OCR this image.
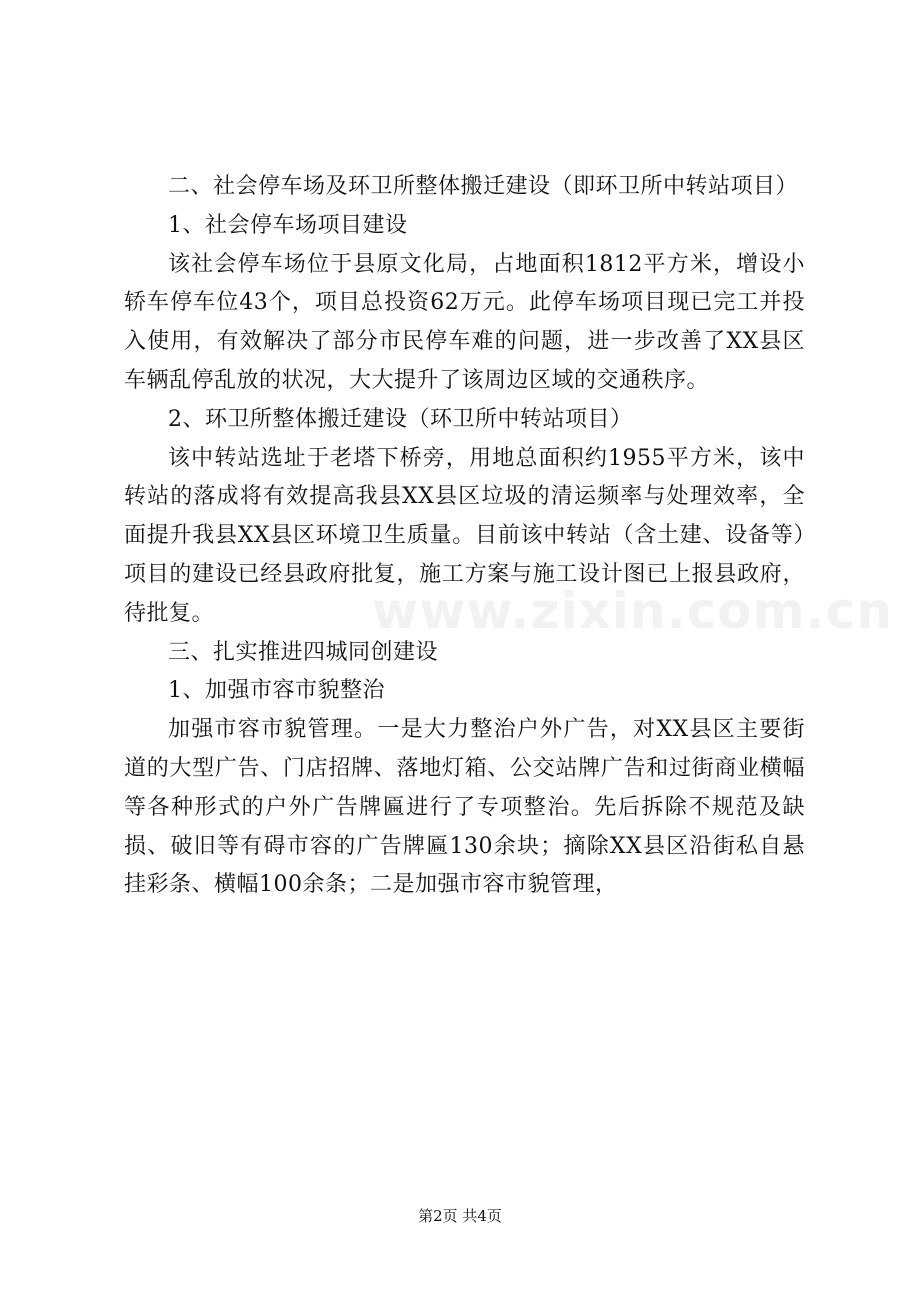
二、社会停车场及环卫所整体搬迁建设（即环卫所中转站项目）

1、社会停车场项目建设

该社会停车场位于县原文化局，占地面积1812平方米，增设小轿车停车位43个，项目总投资62万元。此停车场项目现已完工并投入使用，有效解决了部分市民停车难的问题，进一步改善了XX县区车辆乱停乱放的状况，大大提升了该周边区域的交通秩序。

2、环卫所整体搬迁建设（环卫所中转站项目）

该中转站选址于老塔下桥旁，用地总面积约1955平方米，该中转站的落成将有效提高我县XX县区垃圾的清运频率与处理效率，全面提升我县XX县区环境卫生质量。目前该中转站（含土建、设备等）项目的建设已经县政府批复，施工方案与施工设计图已上报县政府，待批复。

三、扎实推进四城同创建设

1、加强市容市貌整治

加强市容市貌管理。一是大力整治户外广告，对XX县区主要街道的大型广告、门店招牌、落地灯箱、公交站牌广告和过街商业横幅等各种形式的户外广告牌匾进行了专项整治。先后拆除不规范及缺损、破旧等有碍市容的广告牌匾130余块；摘除XX县区沿街私自悬挂彩条、横幅100余条；二是加强市容市貌管理，

www.zixin.com.cn
第2页 共4页
